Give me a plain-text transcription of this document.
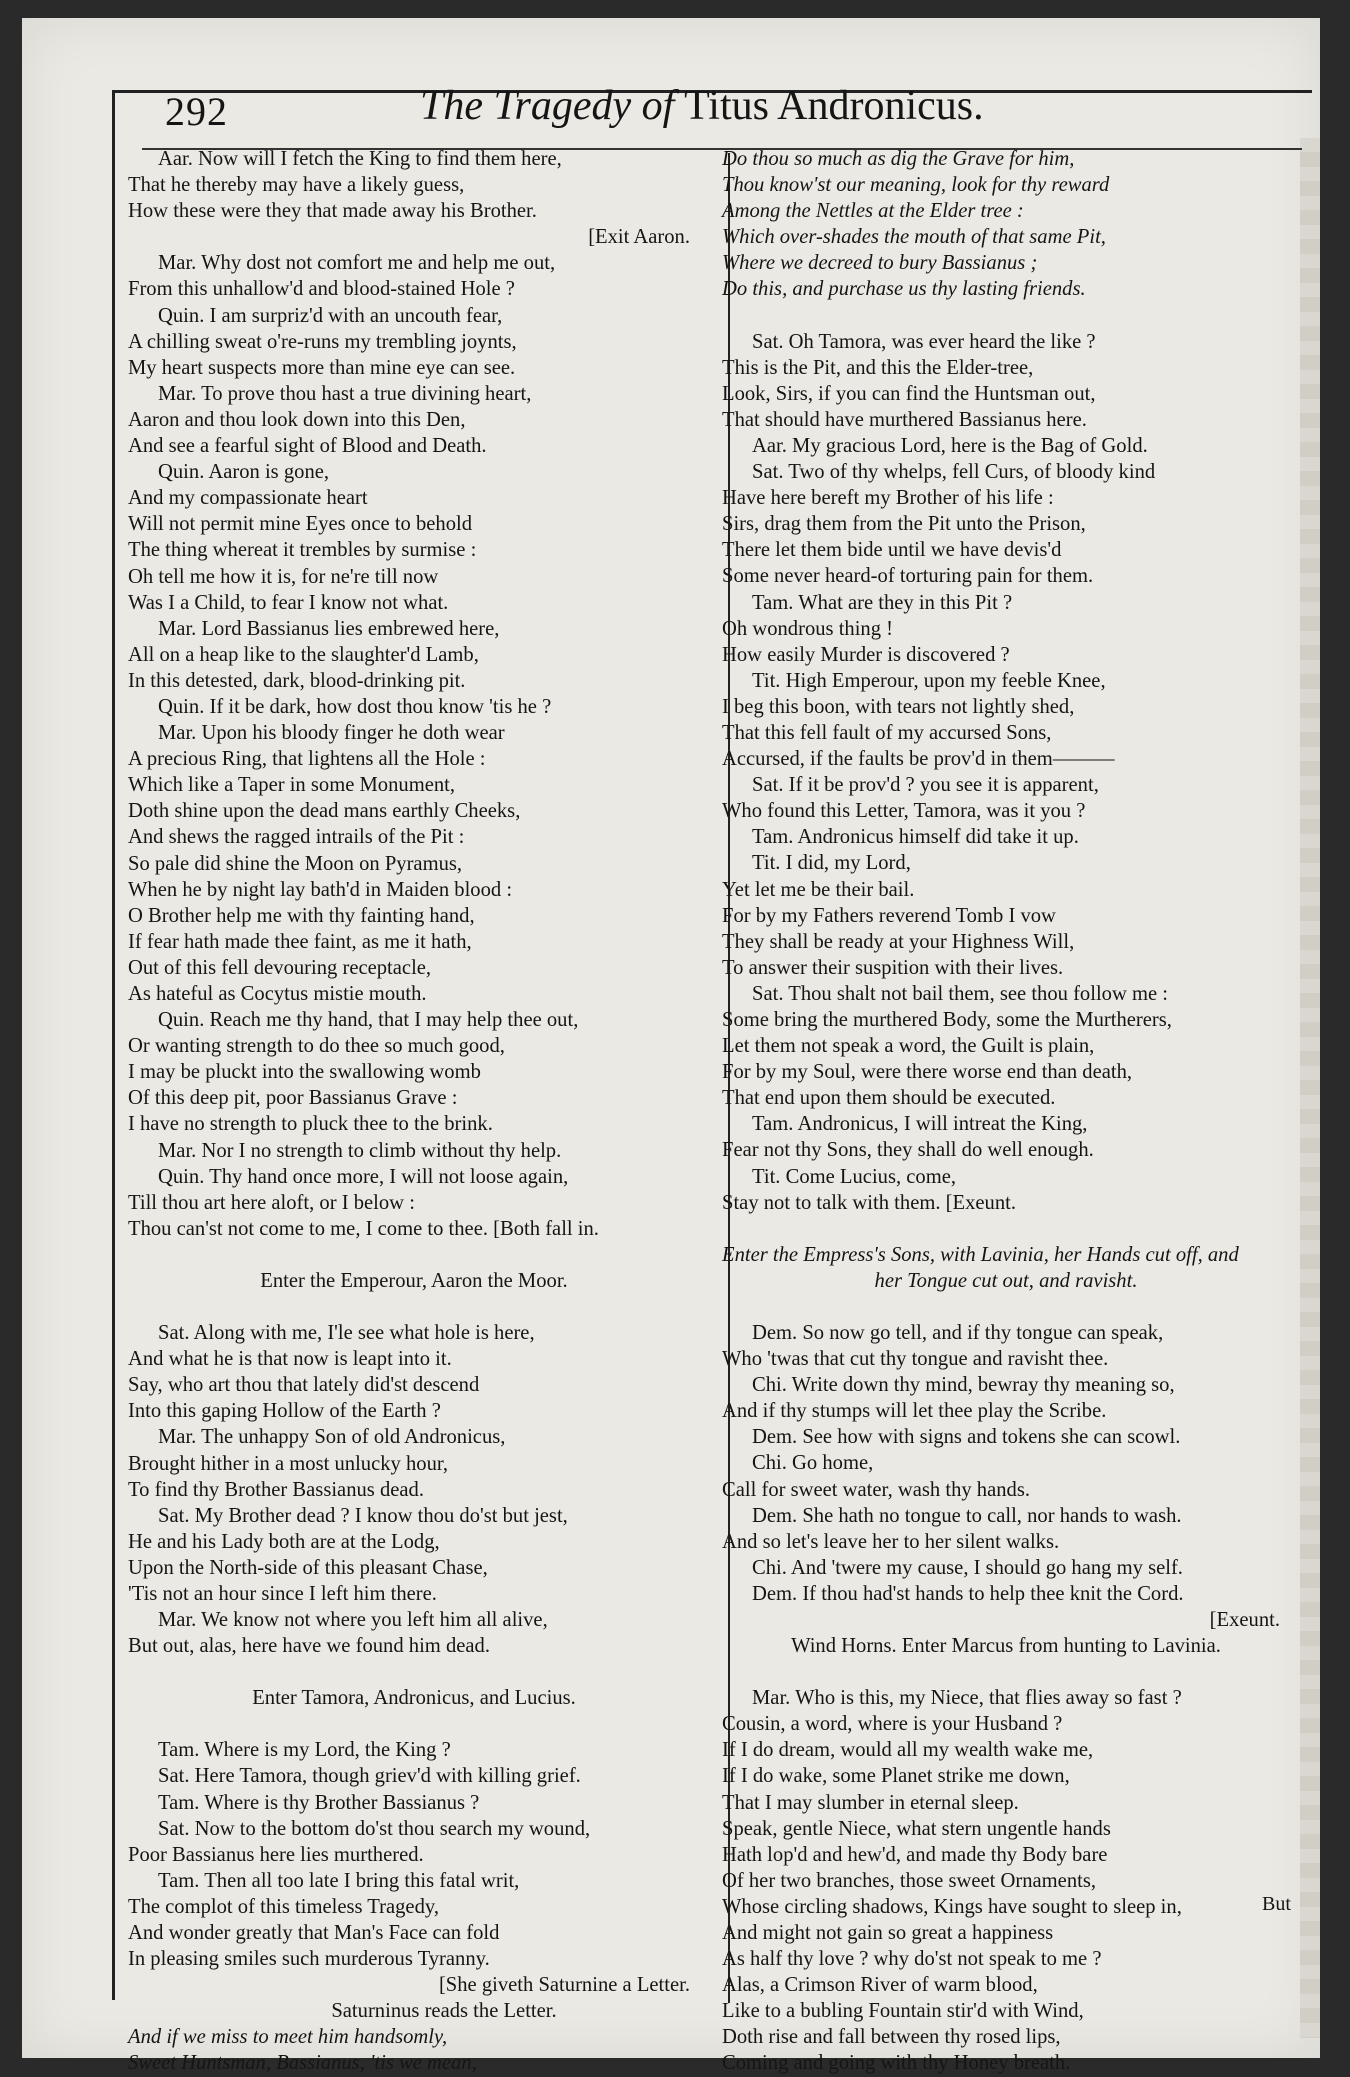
292	The Tragedy of Titus Andronicus.
Aar. Now will I fetch the King to find them here,
That he thereby may have a likely guess,
How these were they that made away his Brother.
[Exit Aaron.
Mar. Why dost not comfort me and help me out,
From this unhallow'd and blood-stained Hole ?
Quin. I am surpriz'd with an uncouth fear,
A chilling sweat o're-runs my trembling joynts,
My heart suspects more than mine eye can see.
Mar. To prove thou hast a true divining heart,
Aaron and thou look down into this Den,
And see a fearful sight of Blood and Death.
Quin. Aaron is gone,
And my compassionate heart
Will not permit mine Eyes once to behold
The thing whereat it trembles by surmise :
Oh tell me how it is, for ne're till now
Was I a Child, to fear I know not what.
Mar. Lord Bassianus lies embrewed here,
All on a heap like to the slaughter'd Lamb,
In this detested, dark, blood-drinking pit.
Quin. If it be dark, how dost thou know 'tis he ?
Mar. Upon his bloody finger he doth wear
A precious Ring, that lightens all the Hole :
Which like a Taper in some Monument,
Doth shine upon the dead mans earthly Cheeks,
And shews the ragged intrails of the Pit :
So pale did shine the Moon on Pyramus,
When he by night lay bath'd in Maiden blood :
O Brother help me with thy fainting hand,
If fear hath made thee faint, as me it hath,
Out of this fell devouring receptacle,
As hateful as Cocytus mistie mouth.
Quin. Reach me thy hand, that I may help thee out,
Or wanting strength to do thee so much good,
I may be pluckt into the swallowing womb
Of this deep pit, poor Bassianus Grave :
I have no strength to pluck thee to the brink.
Mar. Nor I no strength to climb without thy help.
Quin. Thy hand once more, I will not loose again,
Till thou art here aloft, or I below :
Thou can'st not come to me, I come to thee. [Both fall in.
Enter the Emperour, Aaron the Moor.
Sat. Along with me, I'le see what hole is here,
And what he is that now is leapt into it.
Say, who art thou that lately did'st descend
Into this gaping Hollow of the Earth ?
Mar. The unhappy Son of old Andronicus,
Brought hither in a most unlucky hour,
To find thy Brother Bassianus dead.
Sat. My Brother dead ? I know thou do'st but jest,
He and his Lady both are at the Lodg,
Upon the North-side of this pleasant Chase,
'Tis not an hour since I left him there.
Mar. We know not where you left him all alive,
But out, alas, here have we found him dead.
Enter Tamora, Andronicus, and Lucius.
Tam. Where is my Lord, the King ?
Sat. Here Tamora, though griev'd with killing grief.
Tam. Where is thy Brother Bassianus ?
Sat. Now to the bottom do'st thou search my wound,
Poor Bassianus here lies murthered.
Tam. Then all too late I bring this fatal writ,
The complot of this timeless Tragedy,
And wonder greatly that Man's Face can fold
In pleasing smiles such murderous Tyranny.
[She giveth Saturnine a Letter.
Saturninus reads the Letter.
And if we miss to meet him handsomly,
Sweet Huntsman, Bassianus, 'tis we mean,
Do thou so much as dig the Grave for him,
Thou know'st our meaning, look for thy reward
Among the Nettles at the Elder tree :
Which over-shades the mouth of that same Pit,
Where we decreed to bury Bassianus ;
Do this, and purchase us thy lasting friends.
Sat. Oh Tamora, was ever heard the like ?
This is the Pit, and this the Elder-tree,
Look, Sirs, if you can find the Huntsman out,
That should have murthered Bassianus here.
Aar. My gracious Lord, here is the Bag of Gold.
Sat. Two of thy whelps, fell Curs, of bloody kind
Have here bereft my Brother of his life :
Sirs, drag them from the Pit unto the Prison,
There let them bide until we have devis'd
Some never heard-of torturing pain for them.
Tam. What are they in this Pit ?
Oh wondrous thing !
How easily Murder is discovered ?
Tit. High Emperour, upon my feeble Knee,
I beg this boon, with tears not lightly shed,
That this fell fault of my accursed Sons,
Accursed, if the faults be prov'd in them———
Sat. If it be prov'd ? you see it is apparent,
Who found this Letter, Tamora, was it you ?
Tam. Andronicus himself did take it up.
Tit. I did, my Lord,
Yet let me be their bail.
For by my Fathers reverend Tomb I vow
They shall be ready at your Highness Will,
To answer their suspition with their lives.
Sat. Thou shalt not bail them, see thou follow me :
Some bring the murthered Body, some the Murtherers,
Let them not speak a word, the Guilt is plain,
For by my Soul, were there worse end than death,
That end upon them should be executed.
Tam. Andronicus, I will intreat the King,
Fear not thy Sons, they shall do well enough.
Tit. Come Lucius, come,
Stay not to talk with them. [Exeunt.
Enter the Empress's Sons, with Lavinia, her Hands cut off, and
her Tongue cut out, and ravisht.
Dem. So now go tell, and if thy tongue can speak,
Who 'twas that cut thy tongue and ravisht thee.
Chi. Write down thy mind, bewray thy meaning so,
And if thy stumps will let thee play the Scribe.
Dem. See how with signs and tokens she can scowl.
Chi. Go home,
Call for sweet water, wash thy hands.
Dem. She hath no tongue to call, nor hands to wash.
And so let's leave her to her silent walks.
Chi. And 'twere my cause, I should go hang my self.
Dem. If thou had'st hands to help thee knit the Cord.
[Exeunt.
Wind Horns. Enter Marcus from hunting to Lavinia.
Mar. Who is this, my Niece, that flies away so fast ?
Cousin, a word, where is your Husband ?
If I do dream, would all my wealth wake me,
If I do wake, some Planet strike me down,
That I may slumber in eternal sleep.
Speak, gentle Niece, what stern ungentle hands
Hath lop'd and hew'd, and made thy Body bare
Of her two branches, those sweet Ornaments,
Whose circling shadows, Kings have sought to sleep in,
And might not gain so great a happiness
As half thy love ? why do'st not speak to me ?
Alas, a Crimson River of warm blood,
Like to a bubling Fountain stir'd with Wind,
Doth rise and fall between thy rosed lips,
Coming and going with thy Honey breath.
But
